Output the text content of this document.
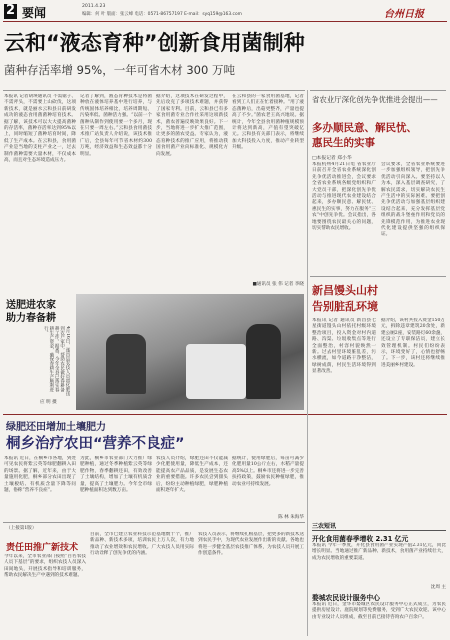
2 要闻	2011.4.23
编辑：何 叶 版面：张云峰 电话：0571-86757197 E-mail：syq159@163.com	台州日报
云和“液态育种”创新食用菌制种
菌种存活率增 95%，一年可省木材 300 万吨
本报讯 记者胡瑛通讯员 不需锯子、不需斧头，不需要上山砍伐，这项新技术，就是丽水云和县日前研发成功的液态食用菌菌种培育技术。据了解，该技术可以大大提高菌种的存活率，菌种存活率达到95%以上，同时缩短了菌种培育时间，降低了生产成本。在云和县，食用菌产业是当地的支柱产业之一，过去制作菌种需要大量木材，不仅成本高，而且对生态环境造成压力。
记者了解到，液态育种技术是将菌种放在液体培养基中进行培养，与传统固体培养相比，培养周期短、污染率低、菌种活力强。“以前一个菌种从制作到使用要一个多月，现在只要一周左右。”云和县食用菌技术推广站负责人介绍说，该技术推广后，全县每年可节省木材约300万吨，经济效益和生态效益都十分明显。
据介绍，这项技术在研发过程中，先后攻克了多项技术难题，并获得了国家专利。目前，云和县已有多家食用菌专业合作社采用这项新技术，菌农普遍反映效果良好。下一步，当地将进一步扩大推广范围，让更多的菌农受益。专家认为，液态育种技术的推广应用，将推动我国食用菌产业向标准化、规模化方向发展。
在云和县的一家食用菌基地，记者看到工人们正在忙着接种。“用了液态菌种后，出菇更整齐，产量也提高了不少。”菌农老王高兴地说。据统计，今年全县食用菌种植规模预计将达到新高，产值有望突破亿元。云和县有关部门表示，将继续加大科技投入力度，推动产业转型升级。
■通讯员 张 伟 记者 李晓
送肥进农家
助力春备耕
4月16日，遂昌县农技人员将化肥送到农户家中，帮助农民做好春耕备耕工作。据悉，今年全县已落实春耕生产资金，确保春耕生产顺利进行。
应 明 摄
省农业厅深化创先争优推进会提出——
多办顺民意、解民忧、
惠民生的实事
□本报记者 郑小华
本报杭州4月21日电 省农业厅日前召开全省农业系统深化创先争优活动推进会，会议要求全省农业系统各级党组织和广大党员干部，把深化创先争优活动与推进现代农业建设结合起来，多办顺民意、解民忧、惠民生的实事，努力在服务“三农”中创先争优。会议指出，各地要围绕农民最关心的问题，切实帮助农民增收。
会议要求，全省农业系统要进一步加强组织领导，把创先争优活动引向深入。要坚持以人为本，深入基层调查研究，了解农民需求，切实解决农民生产生活中的实际困难。要把创先争优活动与加强基层组织建设结合起来，充分发挥基层党组织的战斗堡垒作用和党员的先锋模范作用，为推进农业现代化建设提供坚强的组织保证。
新昌馒头山村
告别脏乱环境
本报讯 记者 通讯员 新昌县七星街道馒头山村依托村级环境整治项目，投入资金对村内道路、沟渠、垃圾收集点等进行全面整治，村容村貌焕然一新。过去村里环境脏乱差，污水横流，如今道路干净整洁，绿树成荫，村民生活环境得到显著改善。
据介绍，该村共投入资金150万元，拆除违章建筑20余处，新建公厕2座，安装路灯60余盏，还设立了专职保洁员，建立长效管理机制。村民们纷纷表示，环境变好了，心情也舒畅了。下一步，该村还将继续推进美丽乡村建设。
绿肥还田增加土壤肥力
桐乡治疗农田“营养不良症”
本报讯 近日，在桐乡市各地，到处可见农民将紫云英等绿肥翻耕入田的场景。据了解，近年来，由于大量施用化肥，桐乡部分农田出现了土壤板结、有机质含量下降等问题，俗称“营养不良症”。
为此，桐乡市农业部门大力推广绿肥种植，通过冬季种植紫云英等绿肥作物，春季翻耕还田，有效改善了土壤结构，增加了土壤有机质含量，提高了土壤肥力。今年全市绿肥种植面积达到数万亩。
农技人员介绍，绿肥还田不仅能减少化肥使用量，降低生产成本，还能提高农产品品质，是发展生态农业的重要措施。许多农民尝到甜头后，纷纷主动种植绿肥，绿肥种植面积逐年扩大。
据统计，使用绿肥后，每亩可减少化肥用量10公斤左右，水稻产量提高5%以上。桐乡市还将进一步完善扶持政策，鼓励农民种植绿肥，推动农业可持续发展。
陈 林 朱海华
（上接第1版）
责任田推广新技术
今年以来，全市农业部门按照“百名农技人员下基层”的要求，组织农技人员深入田间地头，开展技术指导和培训服务，帮助农民解决生产中遇到的技术难题。
目前，全市已建立农业科技示范基地数十个，推广新品种、新技术多项，培训农民上万人次，有力地推动了农业增效和农民增收。广大农技人员用实际行动诠释了创先争优的内涵。
农技人员表示，将继续扎根基层，把更多的新技术送到农民手中，为现代农业发展作出新的贡献。各地也将进一步健全基层农技推广体系，为农技人员开展工作创造条件。
三农短讯
开化食用菌春季增收 2.31 亿元
本报讯 今年一季度，开化县食用菌产业实现产值2.31亿元，同比增长明显。当地通过推广新品种、新技术，食用菌产业持续壮大，成为农民增收的重要渠道。
沈周 主
婺城农民设计服务中心
本报讯 近日，金华市婺城区农民设计服务中心正式成立，为农民提供房屋设计、庭院规划等免费服务，受到广大农民欢迎。该中心由专业设计人员组成，截至目前已接待咨询农户百余户。
